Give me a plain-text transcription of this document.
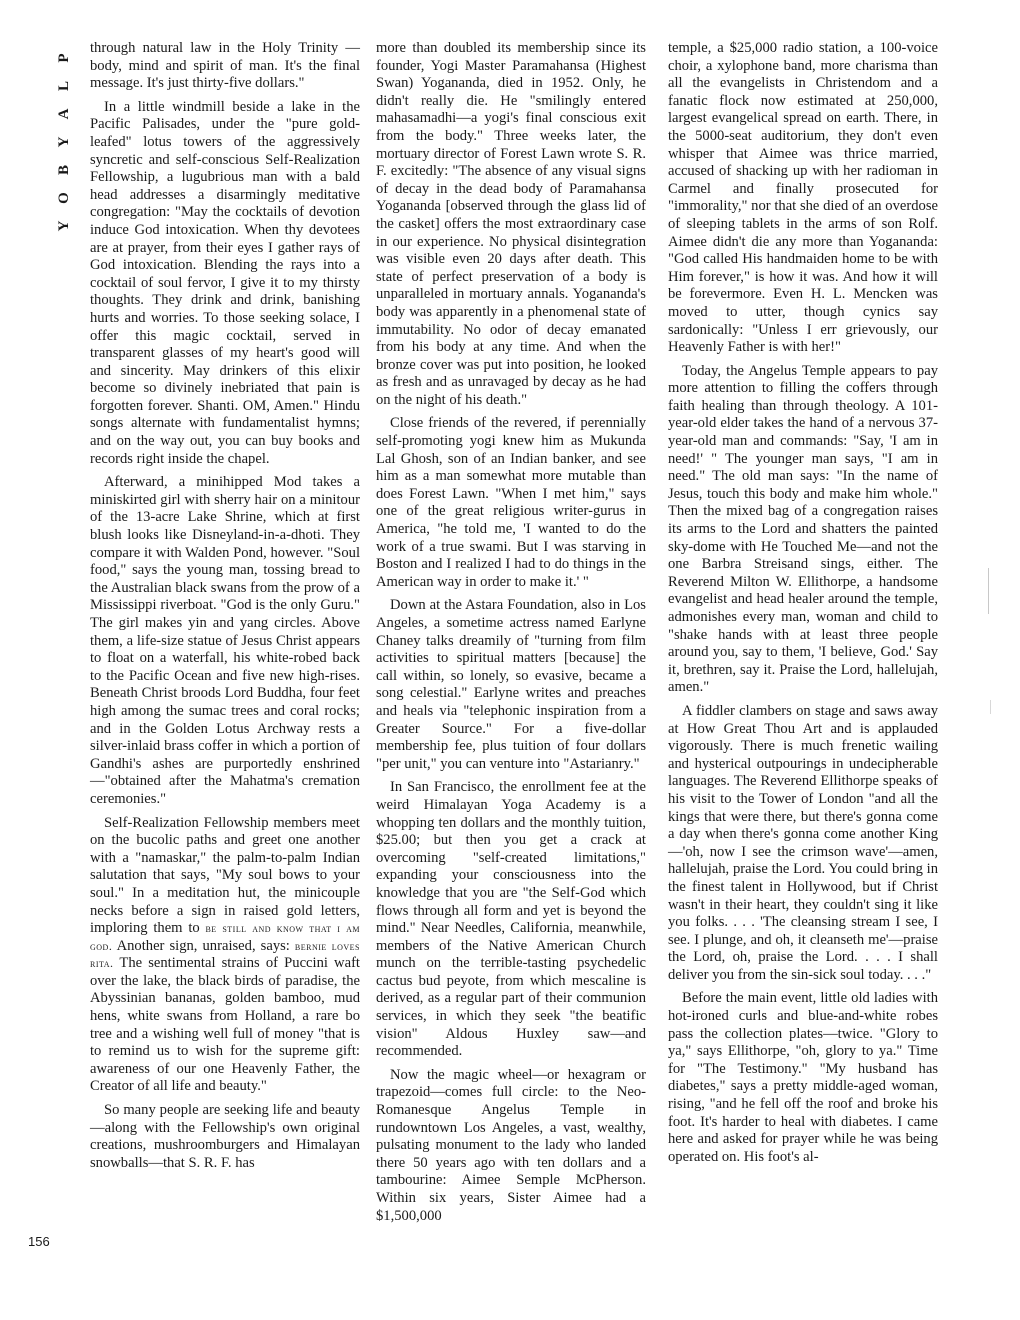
P
L
A
Y
B
O
Y
156

through natural law in the Holy Trinity —body, mind and spirit of man. It's the final message. It's just thirty-five dollars."

In a little windmill beside a lake in the Pacific Palisades, under the "pure gold-leafed" lotus towers of the aggressively syncretic and self-conscious Self-Realization Fellowship, a lugubrious man with a bald head addresses a disarmingly meditative congregation: "May the cocktails of devotion induce God intoxication. When thy devotees are at prayer, from their eyes I gather rays of God intoxication. Blending the rays into a cocktail of soul fervor, I give it to my thirsty thoughts. They drink and drink, banishing hurts and worries. To those seeking solace, I offer this magic cocktail, served in transparent glasses of my heart's good will and sincerity. May drinkers of this elixir become so divinely inebriated that pain is forgotten forever. Shanti. OM, Amen." Hindu songs alternate with fundamentalist hymns; and on the way out, you can buy books and records right inside the chapel.

Afterward, a minihipped Mod takes a miniskirted girl with sherry hair on a minitour of the 13-acre Lake Shrine, which at first blush looks like Disneyland-in-a-dhoti. They compare it with Walden Pond, however. "Soul food," says the young man, tossing bread to the Australian black swans from the prow of a Mississippi riverboat. "God is the only Guru." The girl makes yin and yang circles. Above them, a life-size statue of Jesus Christ appears to float on a waterfall, his white-robed back to the Pacific Ocean and five new high-rises. Beneath Christ broods Lord Buddha, four feet high among the sumac trees and coral rocks; and in the Golden Lotus Archway rests a silver-inlaid brass coffer in which a portion of Gandhi's ashes are purportedly enshrined—"obtained after the Mahatma's cremation ceremonies."

Self-Realization Fellowship members meet on the bucolic paths and greet one another with a "namaskar," the palm-to-palm Indian salutation that says, "My soul bows to your soul." In a meditation hut, the minicouple necks before a sign in raised gold letters, imploring them to be still and know that i am god. Another sign, unraised, says: bernie loves rita. The sentimental strains of Puccini waft over the lake, the black birds of paradise, the Abyssinian bananas, golden bamboo, mud hens, white swans from Holland, a rare bo tree and a wishing well full of money "that is to remind us to wish for the supreme gift: awareness of our one Heavenly Father, the Creator of all life and beauty."

So many people are seeking life and beauty—along with the Fellowship's own original creations, mushroomburgers and Himalayan snowballs—that S. R. F. has

more than doubled its membership since its founder, Yogi Master Paramahansa (Highest Swan) Yogananda, died in 1952. Only, he didn't really die. He "smilingly entered mahasamadhi—a yogi's final conscious exit from the body." Three weeks later, the mortuary director of Forest Lawn wrote S. R. F. excitedly: "The absence of any visual signs of decay in the dead body of Paramahansa Yogananda [observed through the glass lid of the casket] offers the most extraordinary case in our experience. No physical disintegration was visible even 20 days after death. This state of perfect preservation of a body is unparalleled in mortuary annals. Yogananda's body was apparently in a phenomenal state of immutability. No odor of decay emanated from his body at any time. And when the bronze cover was put into position, he looked as fresh and as unravaged by decay as he had on the night of his death."

Close friends of the revered, if perennially self-promoting yogi knew him as Mukunda Lal Ghosh, son of an Indian banker, and see him as a man somewhat more mutable than does Forest Lawn. "When I met him," says one of the great religious writer-gurus in America, "he told me, 'I wanted to do the work of a true swami. But I was starving in Boston and I realized I had to do things in the American way in order to make it.' "

Down at the Astara Foundation, also in Los Angeles, a sometime actress named Earlyne Chaney talks dreamily of "turning from film activities to spiritual matters [because] the call within, so lonely, so evasive, became a song celestial." Earlyne writes and preaches and heals via "telephonic inspiration from a Greater Source." For a five-dollar membership fee, plus tuition of four dollars "per unit," you can venture into "Astarianry."

In San Francisco, the enrollment fee at the weird Himalayan Yoga Academy is a whopping ten dollars and the monthly tuition, $25.00; but then you get a crack at overcoming "self-created limitations," expanding your consciousness into the knowledge that you are "the Self-God which flows through all form and yet is beyond the mind." Near Needles, California, meanwhile, members of the Native American Church munch on the terrible-tasting psychedelic cactus bud peyote, from which mescaline is derived, as a regular part of their communion services, in which they seek "the beatific vision" Aldous Huxley saw—and recommended.

Now the magic wheel—or hexagram or trapezoid—comes full circle: to the Neo-Romanesque Angelus Temple in rundowntown Los Angeles, a vast, wealthy, pulsating monument to the lady who landed there 50 years ago with ten dollars and a tambourine: Aimee Semple McPherson. Within six years, Sister Aimee had a $1,500,000

temple, a $25,000 radio station, a 100-voice choir, a xylophone band, more charisma than all the evangelists in Christendom and a fanatic flock now estimated at 250,000, largest evangelical spread on earth. There, in the 5000-seat auditorium, they don't even whisper that Aimee was thrice married, accused of shacking up with her radioman in Carmel and finally prosecuted for "immorality," nor that she died of an overdose of sleeping tablets in the arms of son Rolf. Aimee didn't die any more than Yogananda: "God called His handmaiden home to be with Him forever," is how it was. And how it will be forevermore. Even H. L. Mencken was moved to utter, though cynics say sardonically: "Unless I err grievously, our Heavenly Father is with her!"

Today, the Angelus Temple appears to pay more attention to filling the coffers through faith healing than through theology. A 101-year-old elder takes the hand of a nervous 37-year-old man and commands: "Say, 'I am in need!' " The younger man says, "I am in need." The old man says: "In the name of Jesus, touch this body and make him whole." Then the mixed bag of a congregation raises its arms to the Lord and shatters the painted sky-dome with He Touched Me—and not the one Barbra Streisand sings, either. The Reverend Milton W. Ellithorpe, a handsome evangelist and head healer around the temple, admonishes every man, woman and child to "shake hands with at least three people around you, say to them, 'I believe, God.' Say it, brethren, say it. Praise the Lord, hallelujah, amen."

A fiddler clambers on stage and saws away at How Great Thou Art and is applauded vigorously. There is much frenetic wailing and hysterical outpourings in undecipherable languages. The Reverend Ellithorpe speaks of his visit to the Tower of London "and all the kings that were there, but there's gonna come a day when there's gonna come another King—'oh, now I see the crimson wave'—amen, hallelujah, praise the Lord. You could bring in the finest talent in Hollywood, but if Christ wasn't in their heart, they couldn't sing it like you folks. . . . 'The cleansing stream I see, I see. I plunge, and oh, it cleanseth me'—praise the Lord, oh, praise the Lord. . . . I shall deliver you from the sin-sick soul today. . . ."

Before the main event, little old ladies with hot-ironed curls and blue-and-white robes pass the collection plates—twice. "Glory to ya," says Ellithorpe, "oh, glory to ya." Time for "The Testimony." "My husband has diabetes," says a pretty middle-aged woman, rising, "and he fell off the roof and broke his foot. It's harder to heal with diabetes. I came here and asked for prayer while he was being operated on. His foot's al-
